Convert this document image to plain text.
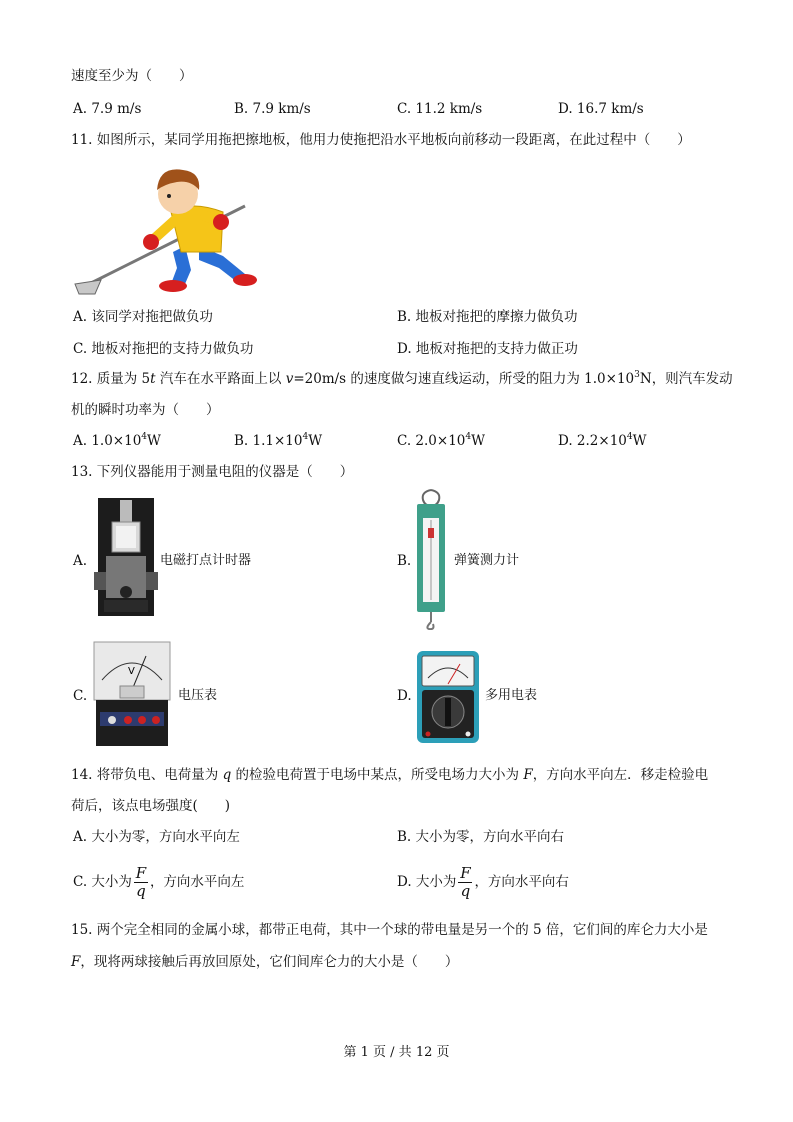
速度至少为（　　）
A. 7.9 m/s	B. 7.9 km/s	C. 11.2 km/s	D. 16.7 km/s
11. 如图所示，某同学用拖把擦地板，他用力使拖把沿水平地板向前移动一段距离，在此过程中（　　）
A. 该同学对拖把做负功	B. 地板对拖把的摩擦力做负功
C. 地板对拖把的支持力做负功	D. 地板对拖把的支持力做正功
12. 质量为 5t 汽车在水平路面上以 v=20m/s 的速度做匀速直线运动，所受的阻力为 $1.0\times 10^3N$，则汽车发动
机的瞬时功率为（　　）
A. $1.0\times 10^4W$	B. $1.1\times 10^4W$	C. $2.0\times 10^4W$	D. $2.2\times 10^4W$
13. 下列仪器能用于测量电阻的仪器是（　　）
A.	电磁打点计时器	B.	弹簧测力计
C.
V
电压表	D.	多用电表
14. 将带负电、电荷量为 q 的检验电荷置于电场中某点，所受电场力大小为 F，方向水平向左．移走检验电
荷后，该点电场强度(　　)
A. 大小为零，方向水平向左	B. 大小为零，方向水平向右
C. 大小为 $\frac{F}{q}$ ，方向水平向左	D. 大小为 $\frac{F}{q}$ ，方向水平向右
15. 两个完全相同的金属小球，都带正电荷，其中一个球的带电量是另一个的 5 倍，它们间的库仑力大小是
F，现将两球接触后再放回原处，它们间库仑力的大小是（　　）
第 1 页 / 共 12 页
